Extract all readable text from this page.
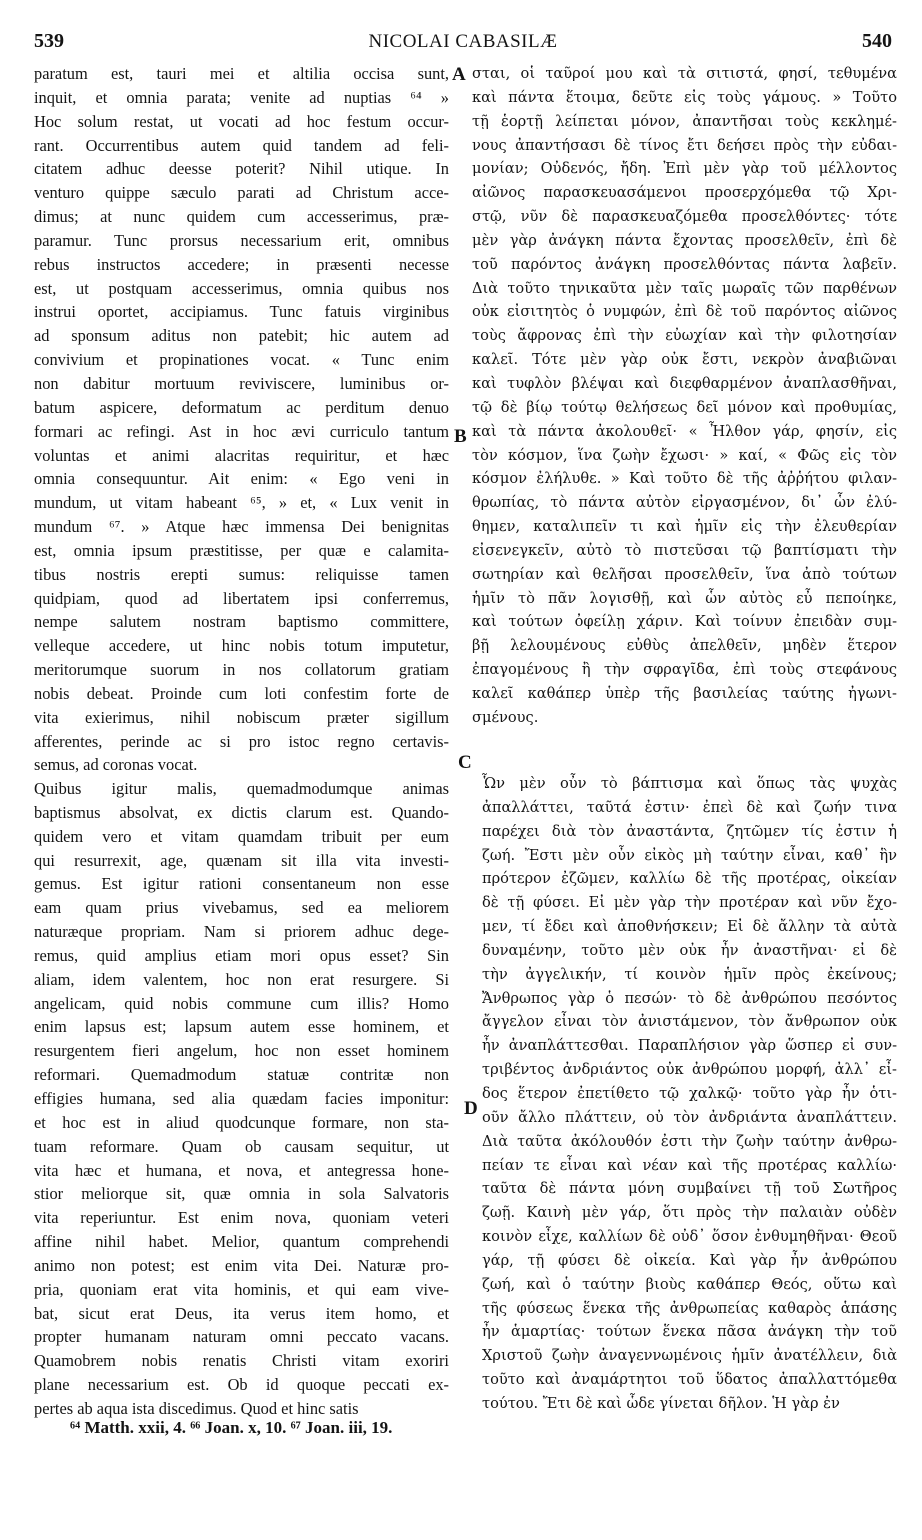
539	NICOLAI CABASILÆ	540
paratum est, tauri mei et altilia occisa sunt,
inquit, et omnia parata; venite ad nuptias ⁶⁴ »
Hoc solum restat, ut vocati ad hoc festum occur-
rant. Occurrentibus autem quid tandem ad feli-
citatem adhuc deesse poterit? Nihil utique. In
venturo quippe sæculo parati ad Christum acce-
dimus; at nunc quidem cum accesserimus, præ-
paramur. Tunc prorsus necessarium erit, omnibus
rebus instructos accedere; in præsenti necesse
est, ut postquam accesserimus, omnia quibus nos
instrui oportet, accipiamus. Tunc fatuis virginibus
ad sponsum aditus non patebit; hic autem ad
convivium et propinationes vocat. « Tunc enim
non dabitur mortuum reviviscere, luminibus or-
batum aspicere, deformatum ac perditum denuo
formari ac refingi. Ast in hoc ævi curriculo tantum
voluntas et animi alacritas requiritur, et hæc
omnia consequuntur. Ait enim: « Ego veni in
mundum, ut vitam habeant ⁶⁵, » et, « Lux venit in
mundum ⁶⁷. » Atque hæc immensa Dei benignitas
est, omnia ipsum præstitisse, per quæ e calamita-
tibus nostris erepti sumus: reliquisse tamen
quidpiam, quod ad libertatem ipsi conferremus,
nempe salutem nostram baptismo committere,
velleque accedere, ut hinc nobis totum imputetur,
meritorumque suorum in nos collatorum gratiam
nobis debeat. Proinde cum loti confestim forte de
vita exierimus, nihil nobiscum præter sigillum
afferentes, perinde ac si pro istoc regno certavis-
semus, ad coronas vocat.
σται, οἱ ταῦροί μου καὶ τὰ σιτιστά, φησί, τεθυμένα
καὶ πάντα ἕτοιμα, δεῦτε εἰς τοὺς γάμους. » Τοῦτο
τῇ ἑορτῇ λείπεται μόνον, ἀπαντῆσαι τοὺς κεκλημέ-
νους ἀπαντήσασι δὲ τίνος ἔτι δεήσει πρὸς τὴν εὐδαι-
μονίαν; Οὐδενός, ἤδη. Ἐπὶ μὲν γὰρ τοῦ μέλλοντος
αἰῶνος παρασκευασάμενοι προσερχόμεθα τῷ Χρι-
στῷ, νῦν δὲ παρασκευαζόμεθα προσελθόντες· τότε
μὲν γὰρ ἀνάγκη πάντα ἔχοντας προσελθεῖν, ἐπὶ δὲ
τοῦ παρόντος ἀνάγκη προσελθόντας πάντα λαβεῖν.
Διὰ τοῦτο τηνικαῦτα μὲν ταῖς μωραῖς τῶν παρθένων
οὐκ εἰσιτητὸς ὁ νυμφών, ἐπὶ δὲ τοῦ παρόντος αἰῶνος
τοὺς ἄφρονας ἐπὶ τὴν εὐωχίαν καὶ τὴν φιλοτησίαν
καλεῖ. Τότε μὲν γὰρ οὐκ ἔστι, νεκρὸν ἀναβιῶναι
καὶ τυφλὸν βλέψαι καὶ διεφθαρμένον ἀναπλασθῆναι,
τῷ δὲ βίῳ τούτῳ θελήσεως δεῖ μόνον καὶ προθυμίας,
καὶ τὰ πάντα ἀκολουθεῖ· « Ἦλθον γάρ, φησίν, εἰς
τὸν κόσμον, ἵνα ζωὴν ἔχωσι· » καί, « Φῶς εἰς τὸν
κόσμον ἐλήλυθε. » Καὶ τοῦτο δὲ τῆς ἀῤῥήτου φιλαν-
θρωπίας, τὸ πάντα αὐτὸν εἰργασμένον, δι᾽ ὧν ἐλύ-
θημεν, καταλιπεῖν τι καὶ ἡμῖν εἰς τὴν ἐλευθερίαν
εἰσενεγκεῖν, αὐτὸ τὸ πιστεῦσαι τῷ βαπτίσματι τὴν
σωτηρίαν καὶ θελῆσαι προσελθεῖν, ἵνα ἀπὸ τούτων
ἡμῖν τὸ πᾶν λογισθῇ, καὶ ὧν αὐτὸς εὖ πεποίηκε,
καὶ τούτων ὀφείλῃ χάριν. Καὶ τοίνυν ἐπειδὰν συμ-
βῇ λελουμένους εὐθὺς ἀπελθεῖν, μηδὲν ἕτερον
ἐπαγομένους ἢ τὴν σφραγῖδα, ἐπὶ τοὺς στεφάνους
καλεῖ καθάπερ ὑπὲρ τῆς βασιλείας ταύτης ἠγωνι-
σμένους.
Quibus igitur malis, quemadmodumque animas
baptismus absolvat, ex dictis clarum est. Quando-
quidem vero et vitam quamdam tribuit per eum
qui resurrexit, age, quænam sit illa vita investi-
gemus. Est igitur rationi consentaneum non esse
eam quam prius vivebamus, sed ea meliorem
naturæque propriam. Nam si priorem adhuc dege-
remus, quid amplius etiam mori opus esset? Sin
aliam, idem valentem, hoc non erat resurgere. Si
angelicam, quid nobis commune cum illis? Homo
enim lapsus est; lapsum autem esse hominem, et
resurgentem fieri angelum, hoc non esset hominem
reformari. Quemadmodum statuæ contritæ non
effigies humana, sed alia quædam facies imponitur:
et hoc est in aliud quodcunque formare, non sta-
tuam reformare. Quam ob causam sequitur, ut
vita hæc et humana, et nova, et antegressa hone-
stior meliorque sit, quæ omnia in sola Salvatoris
vita reperiuntur. Est enim nova, quoniam veteri
affine nihil habet. Melior, quantum comprehendi
animo non potest; est enim vita Dei. Naturæ pro-
pria, quoniam erat vita hominis, et qui eam vive-
bat, sicut erat Deus, ita verus item homo, et
propter humanam naturam omni peccato vacans.
Quamobrem nobis renatis Christi vitam exoriri
plane necessarium est. Ob id quoque peccati ex-
pertes ab aqua ista discedimus. Quod et hinc satis
Ὧν μὲν οὖν τὸ βάπτισμα καὶ ὅπως τὰς ψυχὰς
ἀπαλλάττει, ταῦτά ἐστιν· ἐπεὶ δὲ καὶ ζωήν τινα
παρέχει διὰ τὸν ἀναστάντα, ζητῶμεν τίς ἐστιν ἡ
ζωή. Ἔστι μὲν οὖν εἰκὸς μὴ ταύτην εἶναι, καθ᾽ ἣν
πρότερον ἐζῶμεν, καλλίω δὲ τῆς προτέρας, οἰκείαν
δὲ τῇ φύσει. Εἰ μὲν γὰρ τὴν προτέραν καὶ νῦν ἔχο-
μεν, τί ἔδει καὶ ἀποθνήσκειν; Εἰ δὲ ἄλλην τὰ αὐτὰ
δυναμένην, τοῦτο μὲν οὐκ ἦν ἀναστῆναι· εἰ δὲ
τὴν ἀγγελικήν, τί κοινὸν ἡμῖν πρὸς ἐκείνους;
Ἄνθρωπος γὰρ ὁ πεσών· τὸ δὲ ἀνθρώπου πεσόντος
ἄγγελον εἶναι τὸν ἀνιστάμενον, τὸν ἄνθρωπον οὐκ
ἦν ἀναπλάττεσθαι. Παραπλήσιον γὰρ ὥσπερ εἰ συν-
τριβέντος ἀνδριάντος οὐκ ἀνθρώπου μορφή, ἀλλ᾽ εἶ-
δος ἕτερον ἐπετίθετο τῷ χαλκῷ· τοῦτο γὰρ ἦν ὁτι-
οῦν ἄλλο πλάττειν, οὐ τὸν ἀνδριάντα ἀναπλάττειν.
Διὰ ταῦτα ἀκόλουθόν ἐστι τὴν ζωὴν ταύτην ἀνθρω-
πείαν τε εἶναι καὶ νέαν καὶ τῆς προτέρας καλλίω·
ταῦτα δὲ πάντα μόνη συμβαίνει τῇ τοῦ Σωτῆρος
ζωῇ. Καινὴ μὲν γάρ, ὅτι πρὸς τὴν παλαιὰν οὐδὲν
κοινὸν εἶχε, καλλίων δὲ οὐδ᾽ ὅσον ἐνθυμηθῆναι· Θεοῦ
γάρ, τῇ φύσει δὲ οἰκεία. Καὶ γὰρ ἦν ἀνθρώπου
ζωή, καὶ ὁ ταύτην βιοὺς καθάπερ Θεός, οὕτω καὶ
τῆς φύσεως ἕνεκα τῆς ἀνθρωπείας καθαρὸς ἁπάσης
ἦν ἁμαρτίας· τούτων ἕνεκα πᾶσα ἀνάγκη τὴν τοῦ
Χριστοῦ ζωὴν ἀναγεννωμένοις ἡμῖν ἀνατέλλειν, διὰ
τοῦτο καὶ ἀναμάρτητοι τοῦ ὕδατος ἀπαλλαττόμεθα
τούτου. Ἔτι δὲ καὶ ὧδε γίνεται δῆλον. Ἡ γὰρ ἐν
A
B
C
D
⁶⁴ Matth. xxii, 4. ⁶⁶ Joan. x, 10. ⁶⁷ Joan. iii, 19.
